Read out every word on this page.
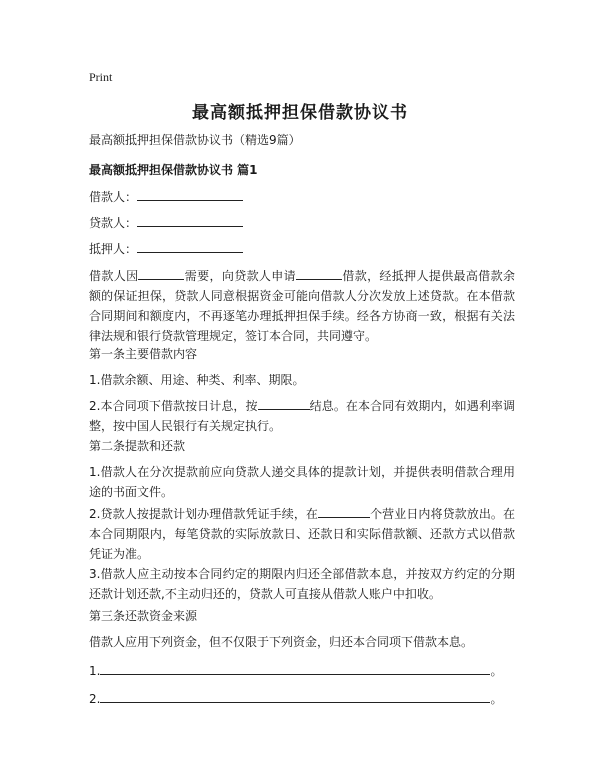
Print
最高额抵押担保借款协议书
最高额抵押担保借款协议书（精选9篇）
最高额抵押担保借款协议书 篇1
借款人：
贷款人：
抵押人：
借款人因	需要，向贷款人申请	借款，经抵押人提供最高借款余额的保证担保，贷款人同意根据资金可能向借款人分次发放上述贷款。在本借款合同期间和额度内，不再逐笔办理抵押担保手续。经各方协商一致，根据有关法律法规和银行贷款管理规定，签订本合同，共同遵守。
第一条主要借款内容
1.借款余额、用途、种类、利率、期限。
2.本合同项下借款按日计息，按	结息。在本合同有效期内，如遇利率调整，按中国人民银行有关规定执行。
第二条提款和还款
1.借款人在分次提款前应向贷款人递交具体的提款计划，并提供表明借款合理用途的书面文件。
2.贷款人按提款计划办理借款凭证手续，在	个营业日内将贷款放出。在本合同期限内，每笔贷款的实际放款日、还款日和实际借款额、还款方式以借款凭证为准。
3.借款人应主动按本合同约定的期限内归还全部借款本息，并按双方约定的分期还款计划还款,不主动归还的，贷款人可直接从借款人账户中扣收。
第三条还款资金来源
借款人应用下列资金，但不仅限于下列资金，归还本合同项下借款本息。
1.	。
2.	。
